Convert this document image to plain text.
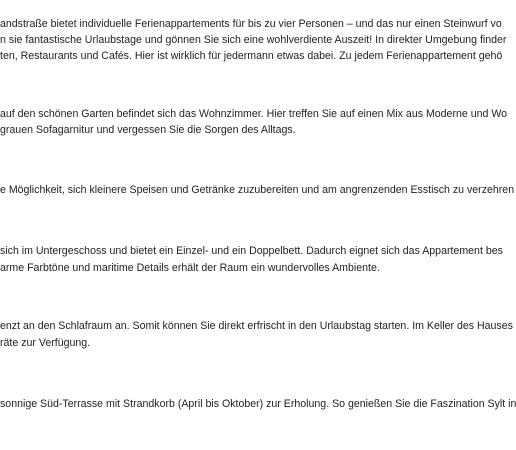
andstraße bietet individuelle Ferienappartements für bis zu vier Personen – und das nur einen Steinwurf vo

n sie fantastische Urlaubstage und gönnen Sie sich eine wohlverdiente Auszeit! In direkter Umgebung finder

ten, Restaurants und Cafés. Hier ist wirklich für jedermann etwas dabei. Zu jedem Ferienappartement gehö

auf den schönen Garten befindet sich das Wohnzimmer. Hier treffen Sie auf einen Mix aus Moderne und Wo

grauen Sofagarnitur und vergessen Sie die Sorgen des Alltags.

e Möglichkeit, sich kleinere Speisen und Getränke zuzubereiten und am angrenzenden Esstisch zu verzehren

sich im Untergeschoss und bietet ein Einzel- und ein Doppelbett. Dadurch eignet sich das Appartement bes

arme Farbtöne und maritime Details erhält der Raum ein wundervolles Ambiente.

enzt an den Schlafraum an. Somit können Sie direkt erfrischt in den Urlaubstag starten. Im Keller des Hauses

räte zur Verfügung.

sonnige Süd-Terrasse mit Strandkorb (April bis Oktober) zur Erholung. So genießen Sie die Faszination Sylt in
